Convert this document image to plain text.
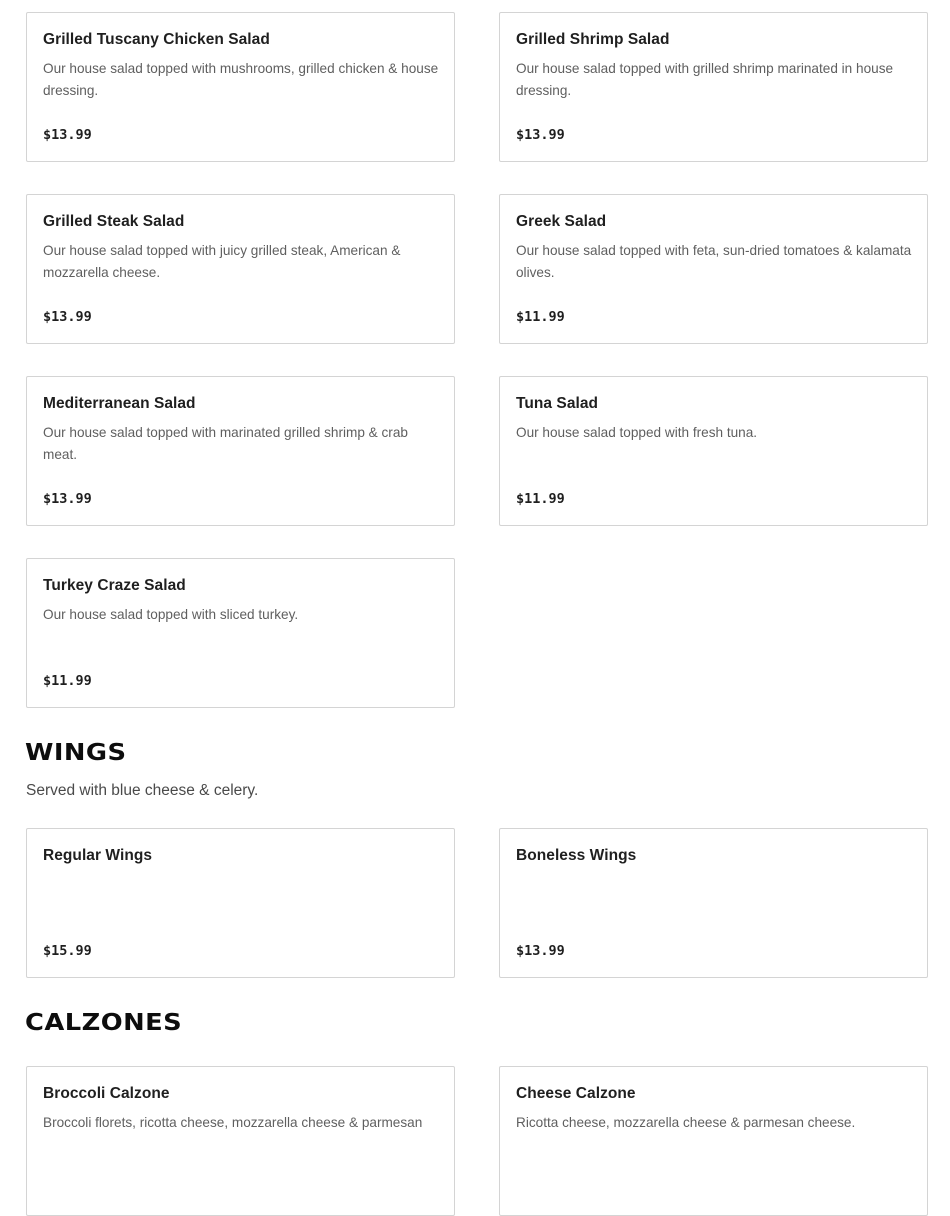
Grilled Tuscany Chicken Salad
Our house salad topped with mushrooms, grilled chicken & house dressing.
$13.99
Grilled Shrimp Salad
Our house salad topped with grilled shrimp marinated in house dressing.
$13.99
Grilled Steak Salad
Our house salad topped with juicy grilled steak, American & mozzarella cheese.
$13.99
Greek Salad
Our house salad topped with feta, sun-dried tomatoes & kalamata olives.
$11.99
Mediterranean Salad
Our house salad topped with marinated grilled shrimp & crab meat.
$13.99
Tuna Salad
Our house salad topped with fresh tuna.
$11.99
Turkey Craze Salad
Our house salad topped with sliced turkey.
$11.99
WINGS
Served with blue cheese & celery.
Regular Wings
$15.99
Boneless Wings
$13.99
CALZONES
Broccoli Calzone
Broccoli florets, ricotta cheese, mozzarella cheese & parmesan
Cheese Calzone
Ricotta cheese, mozzarella cheese & parmesan cheese.
